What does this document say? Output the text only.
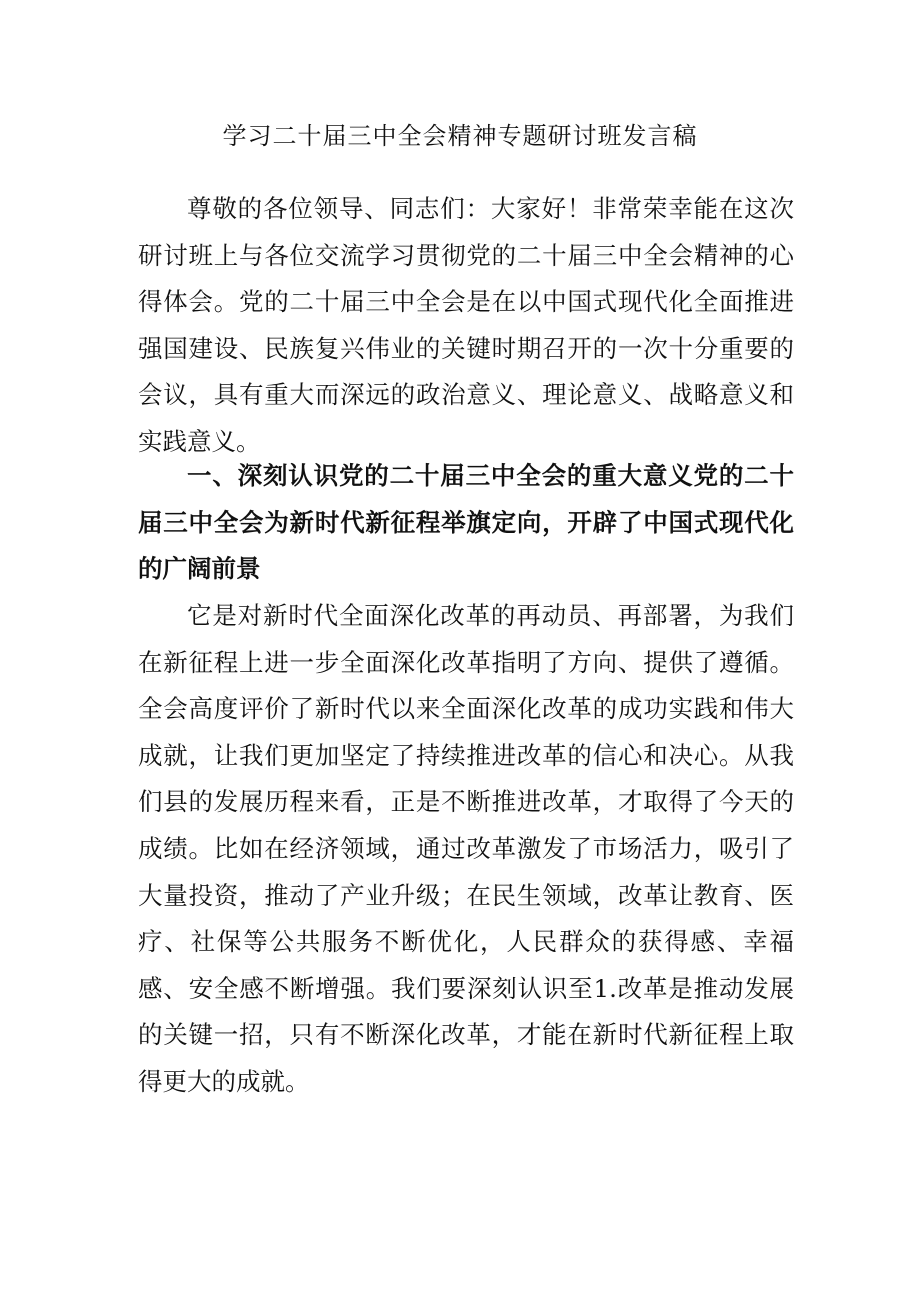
学习二十届三中全会精神专题研讨班发言稿

尊敬的各位领导、同志们：大家好！非常荣幸能在这次研讨班上与各位交流学习贯彻党的二十届三中全会精神的心得体会。党的二十届三中全会是在以中国式现代化全面推进强国建设、民族复兴伟业的关键时期召开的一次十分重要的会议，具有重大而深远的政治意义、理论意义、战略意义和实践意义。

一、深刻认识党的二十届三中全会的重大意义党的二十届三中全会为新时代新征程举旗定向，开辟了中国式现代化的广阔前景

它是对新时代全面深化改革的再动员、再部署，为我们在新征程上进一步全面深化改革指明了方向、提供了遵循。全会高度评价了新时代以来全面深化改革的成功实践和伟大成就，让我们更加坚定了持续推进改革的信心和决心。从我们县的发展历程来看，正是不断推进改革，才取得了今天的成绩。比如在经济领域，通过改革激发了市场活力，吸引了大量投资，推动了产业升级；在民生领域，改革让教育、医疗、社保等公共服务不断优化，人民群众的获得感、幸福感、安全感不断增强。我们要深刻认识至1.改革是推动发展的关键一招，只有不断深化改革，才能在新时代新征程上取得更大的成就。
